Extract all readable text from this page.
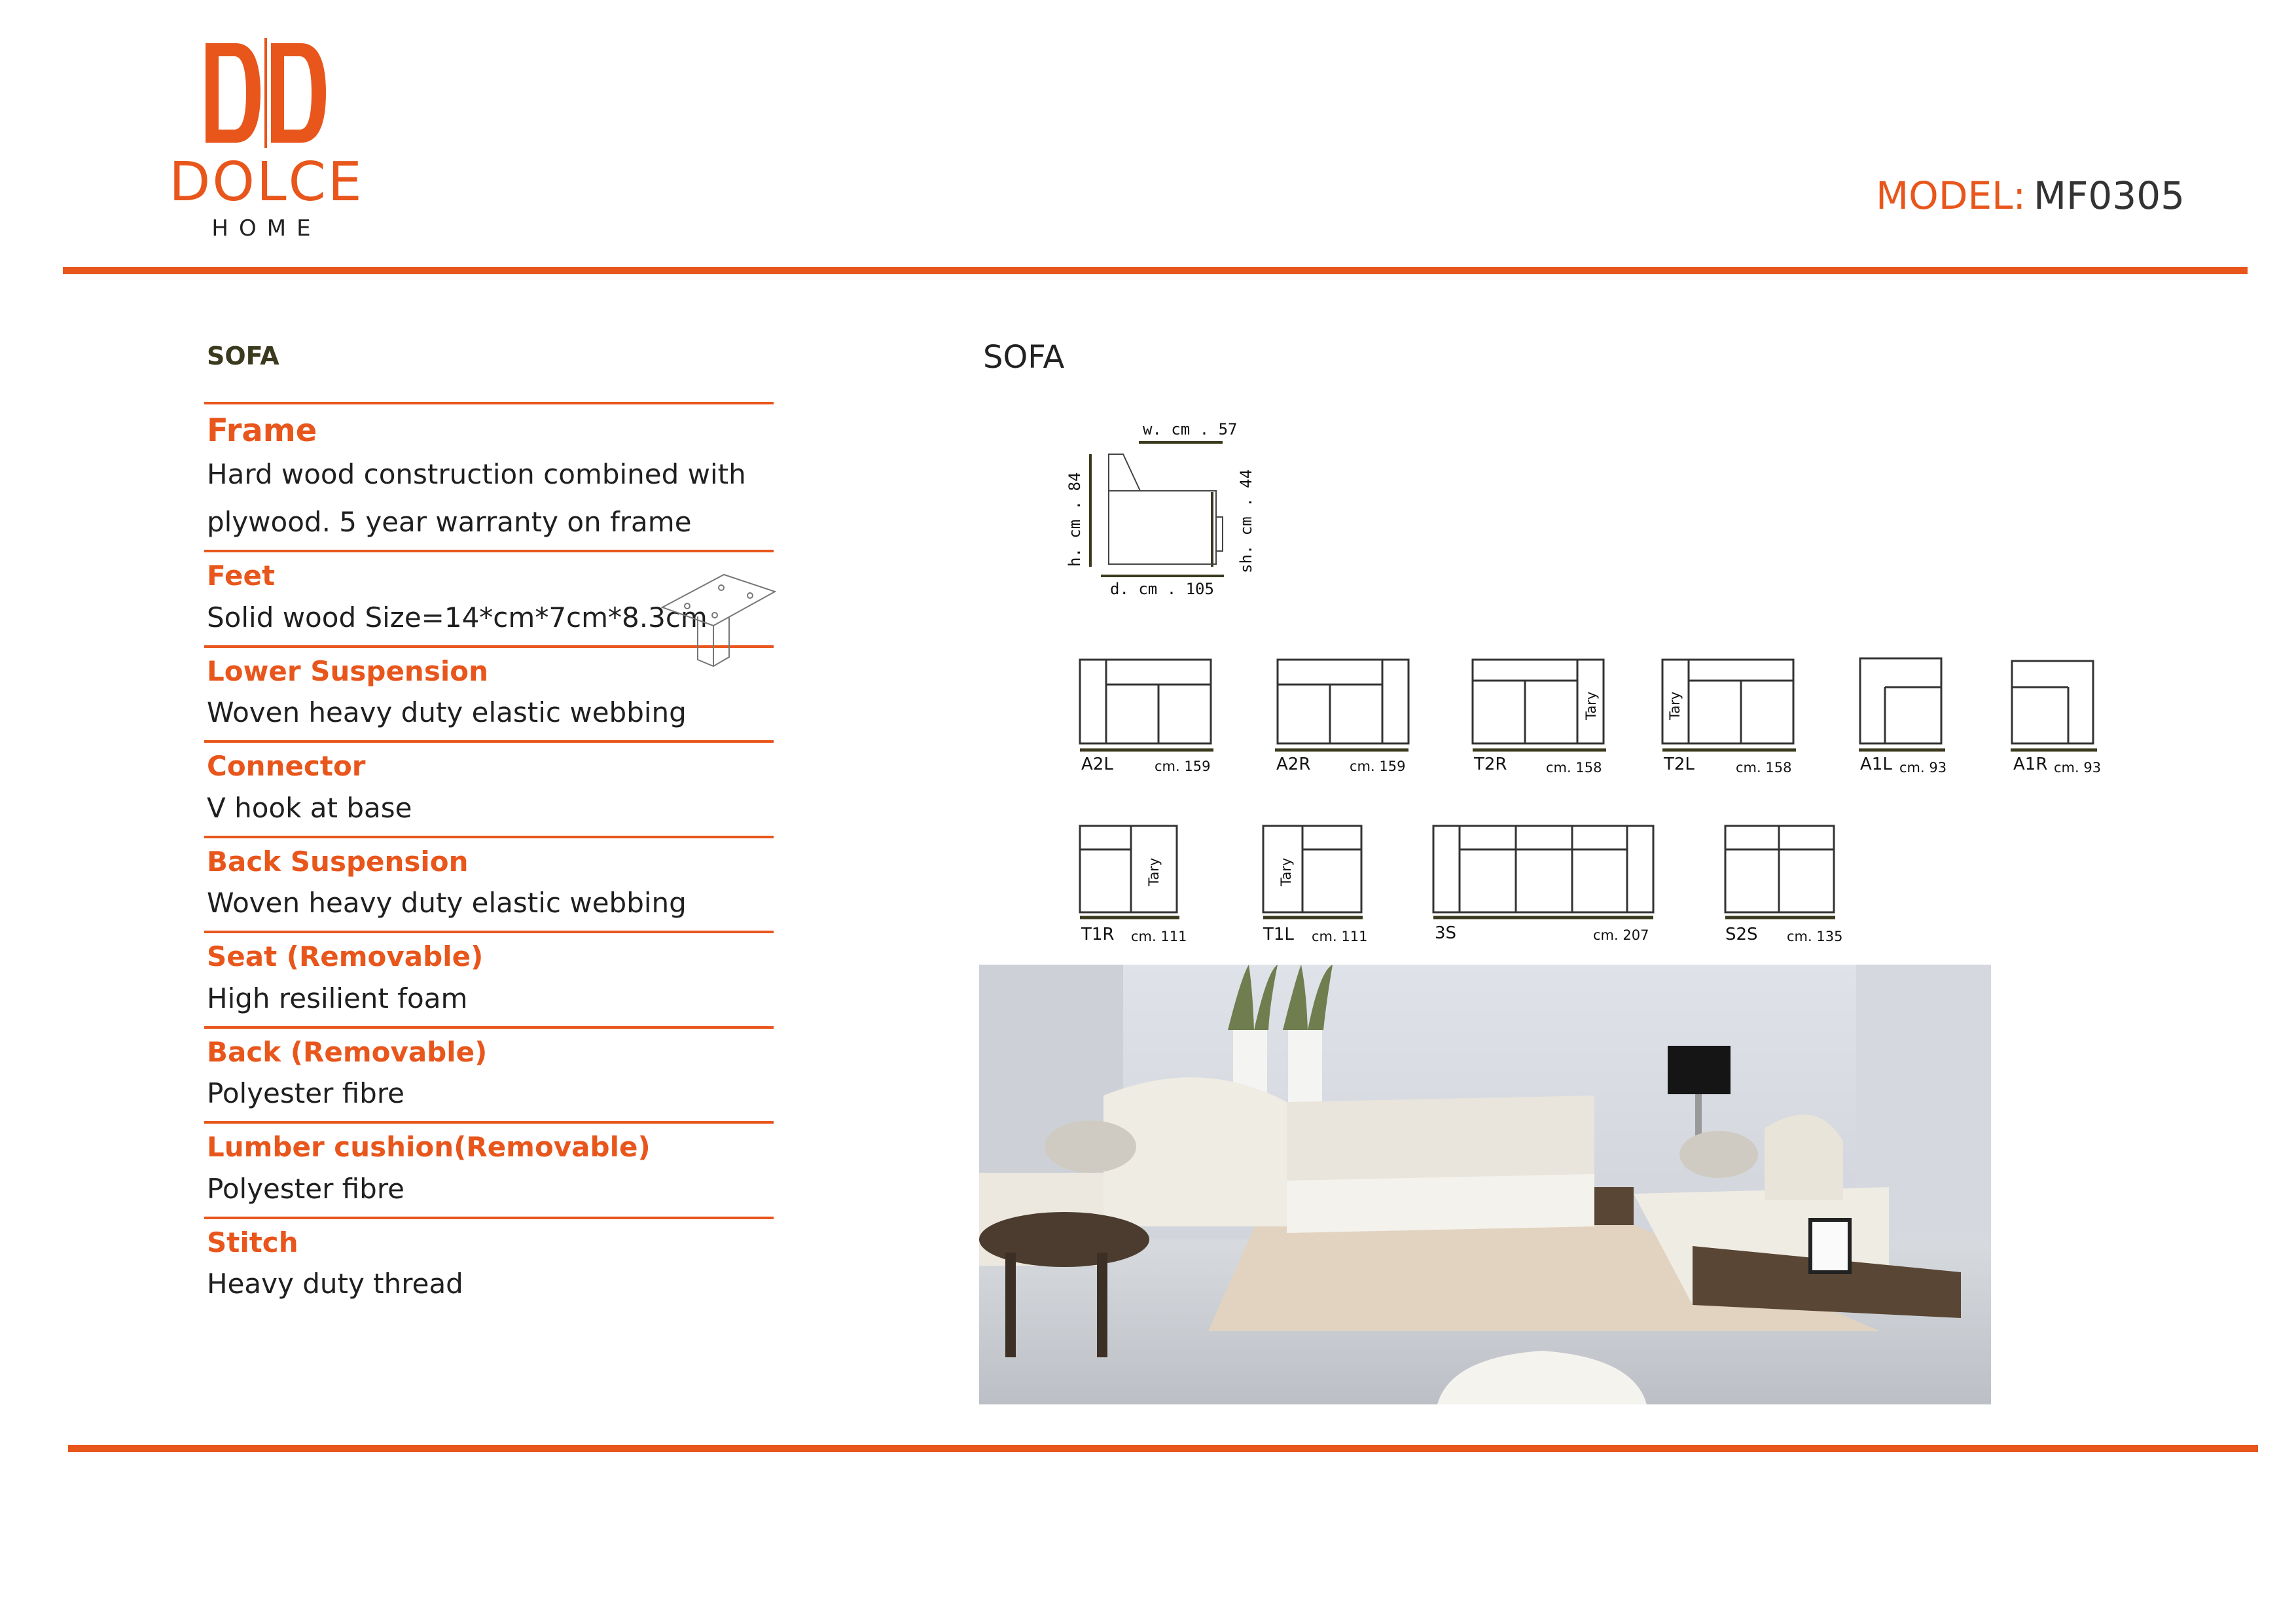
DOLCE
HOME
MODEL: MF0305
SOFA
Frame
Hard wood construction combined with
plywood. 5 year warranty on frame
Feet
Solid wood Size=14*cm*7cm*8.3cm
Lower Suspension
Woven heavy duty elastic webbing
Connector
V hook at base
Back Suspension
Woven heavy duty elastic webbing
Seat (Removable)
High resilient foam
Back (Removable)
Polyester fibre
Lumber cushion(Removable)
Polyester fibre
Stitch
Heavy duty thread
SOFA
w. cm . 57
h. cm . 84	sh. cm . 44
d. cm . 105
A2L	cm. 159	A2R	cm. 159
Tary
T2R	cm. 158
Tary
T2L	cm. 158	A1L cm. 93	A1R cm. 93
Tary
T1R cm. 111
Tary
T1L cm. 111	3S	cm. 207	S2S cm. 135
